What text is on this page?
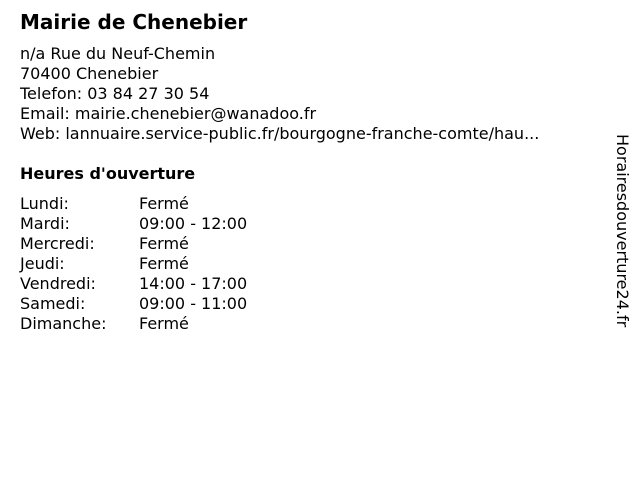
Mairie de Chenebier
n/a Rue du Neuf-Chemin
70400 Chenebier
Telefon: 03 84 27 30 54
Email: mairie.chenebier@wanadoo.fr
Web: lannuaire.service-public.fr/bourgogne-franche-comte/hau...
Heures d'ouverture
Lundi:	Fermé
Mardi:	09:00 - 12:00
Mercredi:	Fermé
Jeudi:	Fermé
Vendredi:	14:00 - 17:00
Samedi:	09:00 - 11:00
Dimanche: Fermé	Horairesdouverture24.fr
